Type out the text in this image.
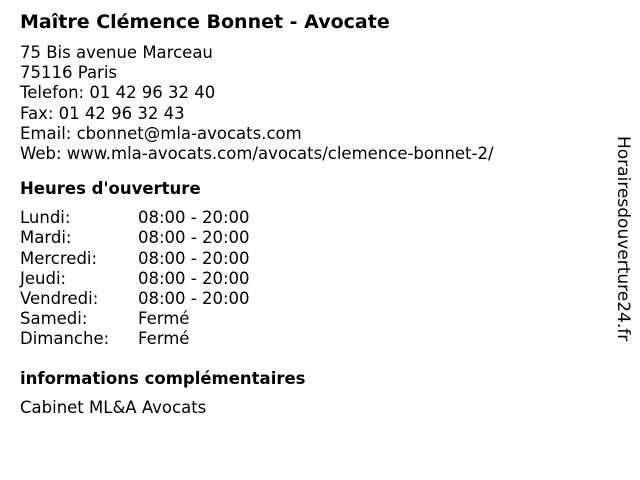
Maître Clémence Bonnet - Avocate
75 Bis avenue Marceau
75116 Paris
Telefon: 01 42 96 32 40
Fax: 01 42 96 32 43
Email: cbonnet@mla-avocats.com
Web: www.mla-avocats.com/avocats/clemence-bonnet-2/
Heures d'ouverture
Lundi:	08:00 - 20:00
Mardi:	08:00 - 20:00
Mercredi:	08:00 - 20:00
Jeudi:	08:00 - 20:00
Vendredi:	08:00 - 20:00
Samedi:	Fermé
Dimanche:	Fermé
informations complémentaires
Cabinet ML&A Avocats
Horairesdouverture24.fr
